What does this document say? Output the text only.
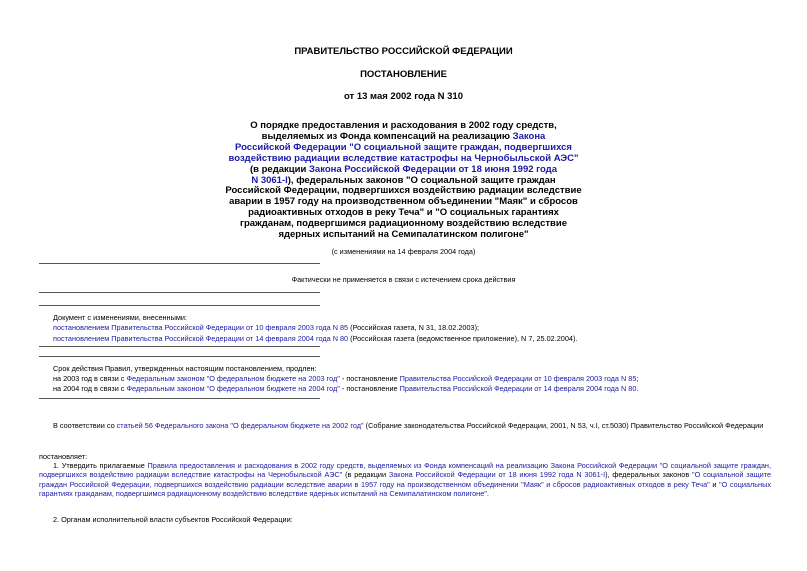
ПРАВИТЕЛЬСТВО РОССИЙСКОЙ ФЕДЕРАЦИИ
ПОСТАНОВЛЕНИЕ
от 13 мая 2002 года N 310
О порядке предоставления и расходования в 2002 году средств,
выделяемых из Фонда компенсаций на реализацию Закона
Российской Федерации "О социальной защите граждан, подвергшихся
воздействию радиации вследствие катастрофы на Чернобыльской АЭС"
(в редакции Закона Российской Федерации от 18 июня 1992 года
N 3061-I), федеральных законов "О социальной защите граждан
Российской Федерации, подвергшихся воздействию радиации вследствие
аварии в 1957 году на производственном объединении "Маяк" и сбросов
радиоактивных отходов в реку Теча" и "О социальных гарантиях
гражданам, подвергшимся радиационному воздействию вследствие
ядерных испытаний на Семипалатинском полигоне"
(с изменениями на 14 февраля 2004 года)
Фактически не применяется в связи с истечением срока действия
Документ с изменениями, внесенными:
постановлением Правительства Российской Федерации от 10 февраля 2003 года N 85 (Российская газета, N 31, 18.02.2003);
постановлением Правительства Российской Федерации от 14 февраля 2004 года N 80 (Российская газета (ведомственное приложение), N 7, 25.02.2004).
Срок действия Правил, утвержденных настоящим постановлением, продлен:
на 2003 год в связи с Федеральным законом "О федеральном бюджете на 2003 год" - постановление Правительства Российской Федерации от 10 февраля 2003 года N 85;
на 2004 год в связи с Федеральным законом "О федеральном бюджете на 2004 год" - постановление Правительства Российской Федерации от 14 февраля 2004 года N 80.
В соответствии со статьей 56 Федерального закона "О федеральном бюджете на 2002 год" (Собрание законодательства Российской Федерации, 2001, N 53, ч.I, ст.5030) Правительство Российской Федерации
постановляет:
1. Утвердить прилагаемые Правила предоставления и расходования в 2002 году средств, выделяемых из Фонда компенсаций на реализацию Закона Российской Федерации "О социальной защите граждан, подвергшихся воздействию радиации вследствие катастрофы на Чернобыльской АЭС" (в редакции Закона Российской Федерации от 18 июня 1992 года N 3061-I), федеральных законов "О социальной защите граждан Российской Федерации, подвергшихся воздействию радиации вследствие аварии в 1957 году на производственном объединении "Маяк" и сбросов радиоактивных отходов в реку Теча" и "О социальных гарантиях гражданам, подвергшимся радиационному воздействию вследствие ядерных испытаний на Семипалатинском полигоне".
2. Органам исполнительной власти субъектов Российской Федерации:
